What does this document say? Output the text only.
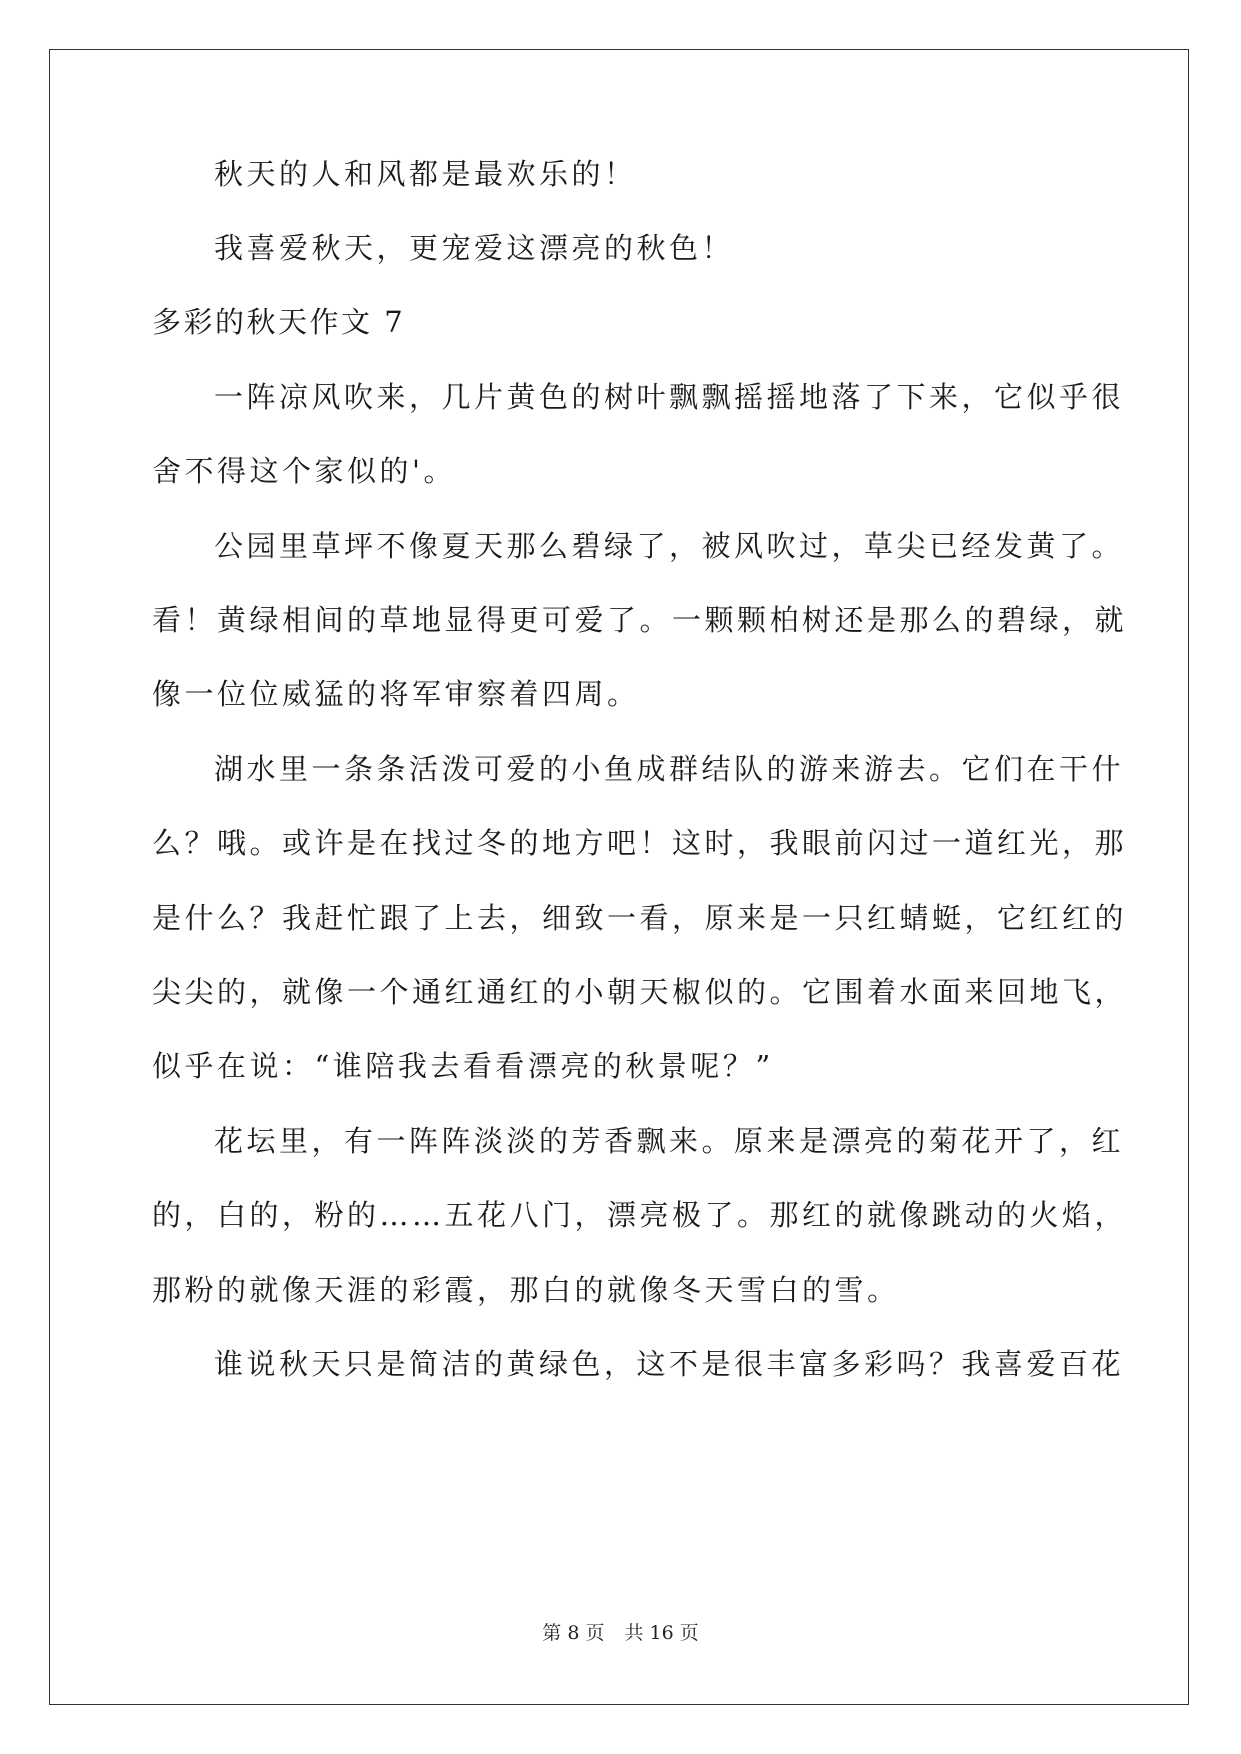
秋天的人和风都是最欢乐的！
我喜爱秋天，更宠爱这漂亮的秋色！
多彩的秋天作文 7
一阵凉风吹来，几片黄色的树叶飘飘摇摇地落了下来，它似乎很
舍不得这个家似的'。
公园里草坪不像夏天那么碧绿了，被风吹过，草尖已经发黄了。
看！黄绿相间的草地显得更可爱了。一颗颗柏树还是那么的碧绿，就
像一位位威猛的将军审察着四周。
湖水里一条条活泼可爱的小鱼成群结队的游来游去。它们在干什
么？哦。或许是在找过冬的地方吧！这时，我眼前闪过一道红光，那
是什么？我赶忙跟了上去，细致一看，原来是一只红蜻蜓，它红红的
尖尖的，就像一个通红通红的小朝天椒似的。它围着水面来回地飞，
似乎在说：“谁陪我去看看漂亮的秋景呢？”
花坛里，有一阵阵淡淡的芳香飘来。原来是漂亮的菊花开了，红
的，白的，粉的……五花八门，漂亮极了。那红的就像跳动的火焰，
那粉的就像天涯的彩霞，那白的就像冬天雪白的雪。
谁说秋天只是简洁的黄绿色，这不是很丰富多彩吗？我喜爱百花
第 8 页 共 16 页
